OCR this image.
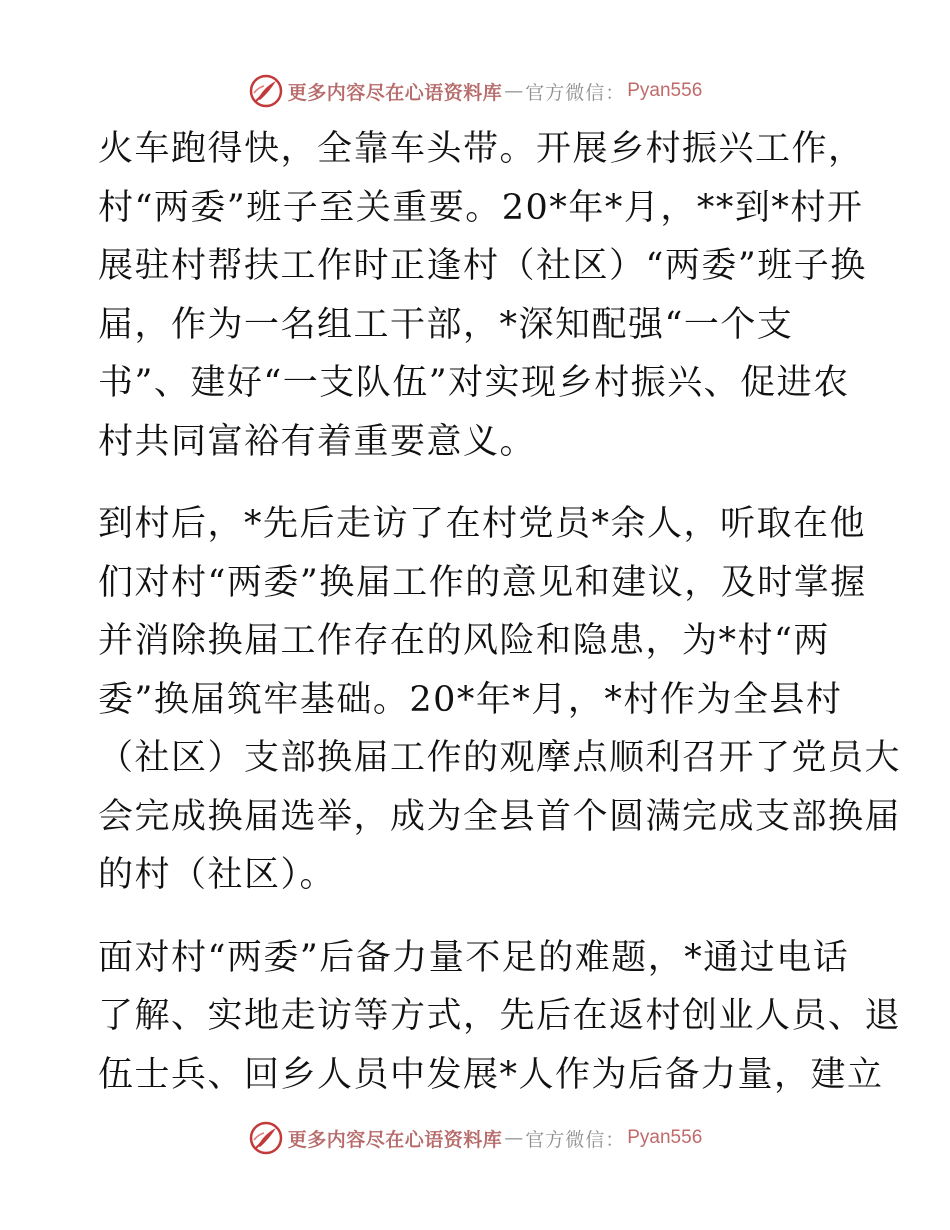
更多内容尽在心语资料库 — 官方微信： Pyan556
火车跑得快，全靠车头带。开展乡村振兴工作，
村“两委”班子至关重要。20*年*月，**到*村开
展驻村帮扶工作时正逢村（社区）“两委”班子换
届，作为一名组工干部，*深知配强“一个支
书”、建好“一支队伍”对实现乡村振兴、促进农
村共同富裕有着重要意义。
到村后，*先后走访了在村党员*余人，听取在他
们对村“两委”换届工作的意见和建议，及时掌握
并消除换届工作存在的风险和隐患，为*村“两
委”换届筑牢基础。20*年*月，*村作为全县村
（社区）支部换届工作的观摩点顺利召开了党员大
会完成换届选举，成为全县首个圆满完成支部换届
的村（社区）。
面对村“两委”后备力量不足的难题，*通过电话
了解、实地走访等方式，先后在返村创业人员、退
伍士兵、回乡人员中发展*人作为后备力量，建立
更多内容尽在心语资料库 — 官方微信： Pyan556
